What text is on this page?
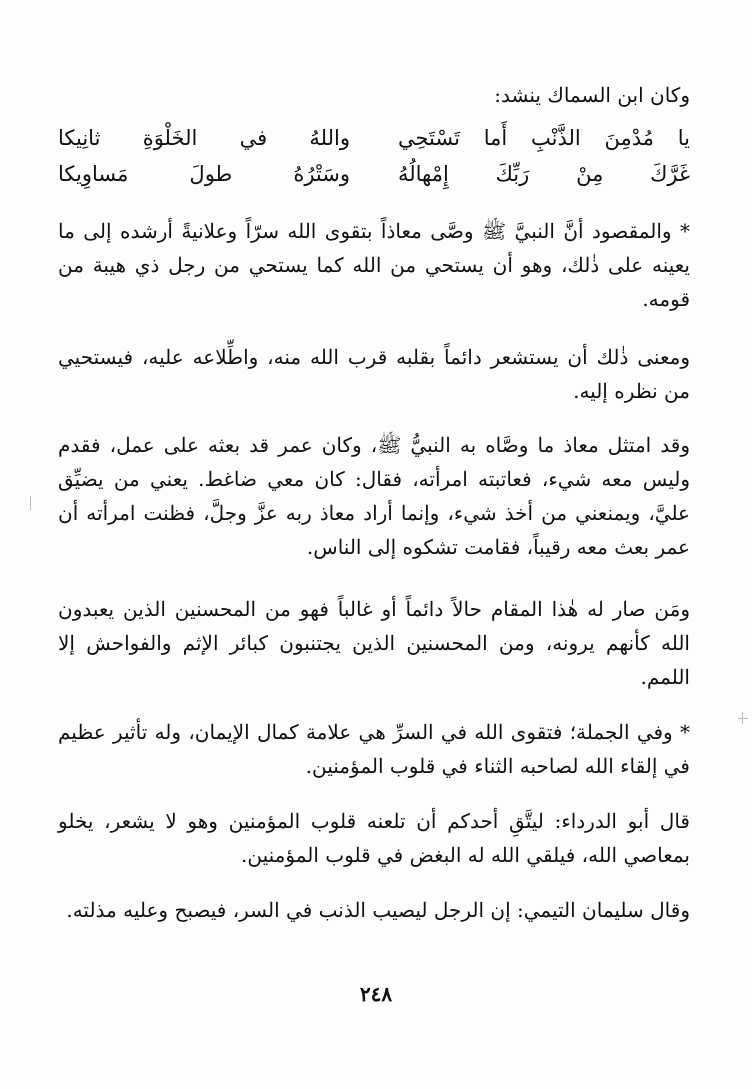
وكان ابن السماك ينشد:
يا مُدْمِنَ الذَّنْبِ أَما تَسْتَحِي
واللهُ في الخَلْوَةِ ثانِيكا
غَرَّكَ مِنْ رَبِّكَ إِمْهالُهُ
وسَتْرُهُ طولَ مَساوِيكا
* والمقصود أنَّ النبيَّ ﷺ وصَّى معاذاً بتقوى الله سرّاً وعلانيةً أرشده إلى ما يعينه على ذٰلك، وهو أن يستحي من الله كما يستحي من رجل ذي هيبة من قومه.
ومعنى ذٰلك أن يستشعر دائماً بقلبه قرب الله منه، واطِّلاعه عليه، فيستحيي من نظره إليه.
وقد امتثل معاذ ما وصَّاه به النبيُّ ﷺ، وكان عمر قد بعثه على عمل، فقدم وليس معه شيء، فعاتبته امرأته، فقال: كان معي ضاغط. يعني من يضيِّق عليَّ، ويمنعني من أخذ شيء، وإنما أراد معاذ ربه عزَّ وجلَّ، فظنت امرأته أن عمر بعث معه رقيباً، فقامت تشكوه إلى الناس.
ومَن صار له هٰذا المقام حالاً دائماً أو غالباً فهو من المحسنين الذين يعبدون الله كأنهم يرونه، ومن المحسنين الذين يجتنبون كبائر الإثم والفواحش إلا اللمم.
* وفي الجملة؛ فتقوى الله في السرِّ هي علامة كمال الإيمان، وله تأثير عظيم في إلقاء الله لصاحبه الثناء في قلوب المؤمنين.
قال أبو الدرداء: ليتَّقِ أحدكم أن تلعنه قلوب المؤمنين وهو لا يشعر، يخلو بمعاصي الله، فيلقي الله له البغض في قلوب المؤمنين.
وقال سليمان التيمي: إن الرجل ليصيب الذنب في السر، فيصبح وعليه مذلته.
٢٤٨
